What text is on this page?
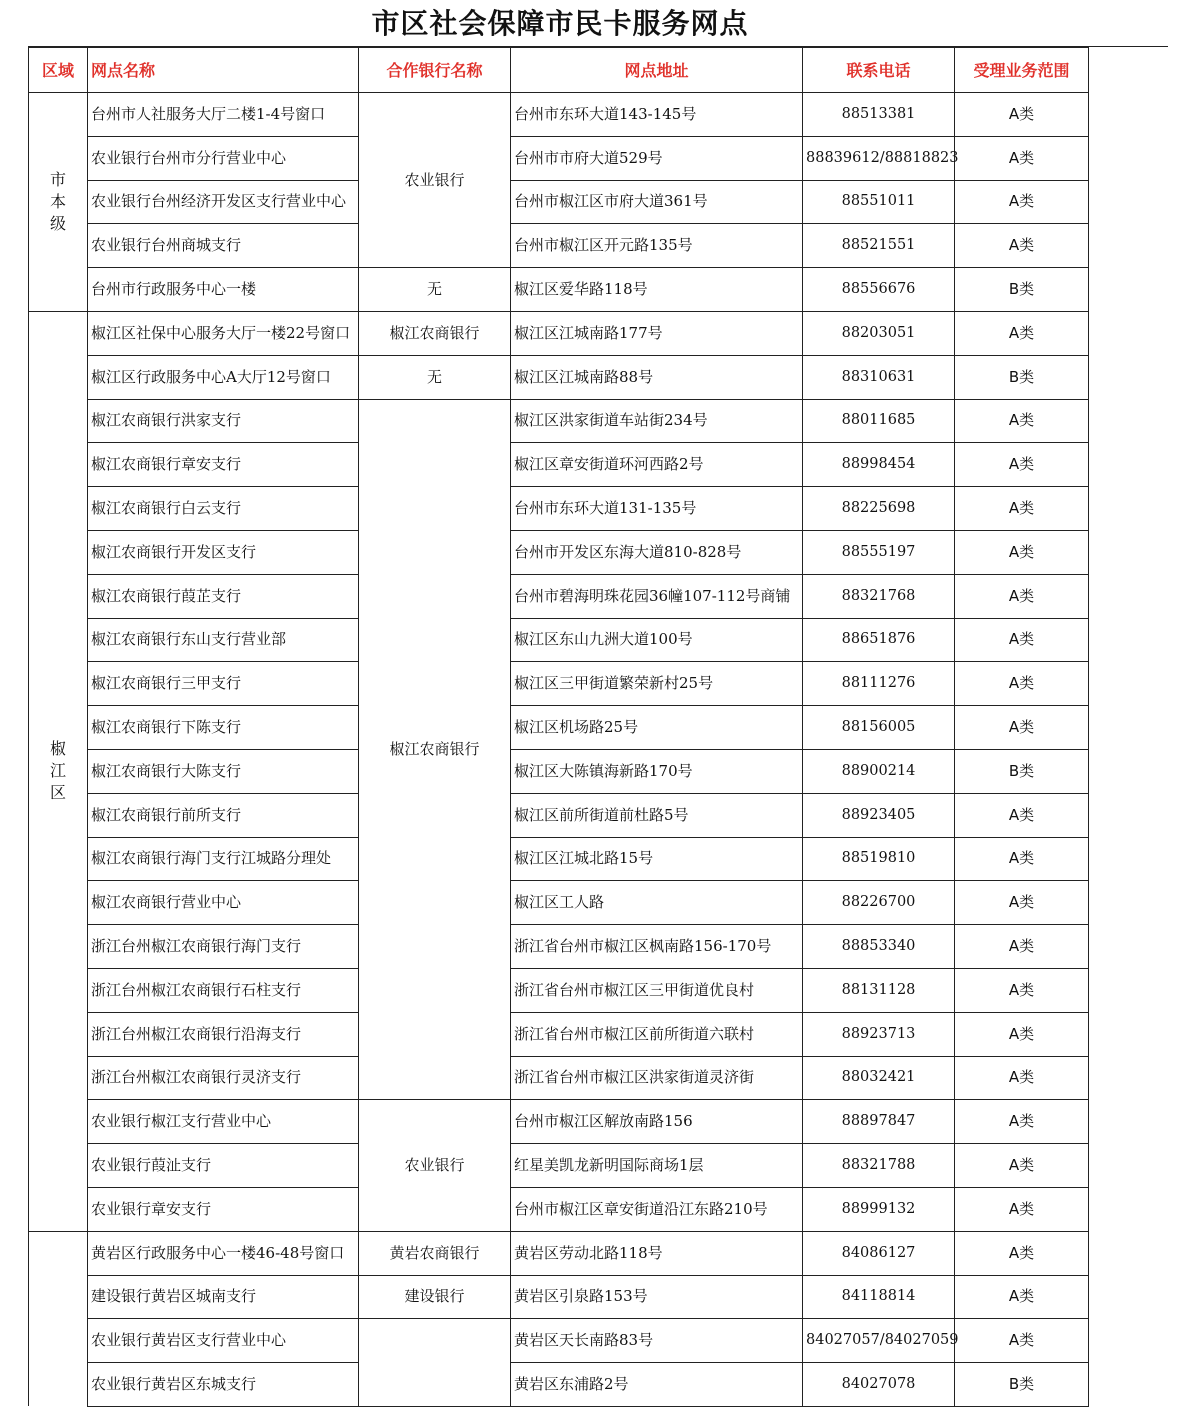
市区社会保障市民卡服务网点
区域	网点名称	合作银行名称	网点地址	联系电话	受理业务范围

市本级	台州市人社服务大厅二楼1-4号窗口	农业银行	台州市东环大道143-145号	88513381	A类
	农业银行台州市分行营业中心		台州市市府大道529号	88839612/88818823	A类
	农业银行台州经济开发区支行营业中心		台州市椒江区市府大道361号	88551011	A类
	农业银行台州商城支行		台州市椒江区开元路135号	88521551	A类
	台州市行政服务中心一楼	无	椒江区爱华路118号	88556676	B类

椒江区	椒江区社保中心服务大厅一楼22号窗口	椒江农商银行	椒江区江城南路177号	88203051	A类
	椒江区行政服务中心A大厅12号窗口	无	椒江区江城南路88号	88310631	B类
	椒江农商银行洪家支行	椒江农商银行	椒江区洪家街道车站街234号	88011685	A类
	椒江农商银行章安支行		椒江区章安街道环河西路2号	88998454	A类
	椒江农商银行白云支行		台州市东环大道131-135号	88225698	A类
	椒江农商银行开发区支行		台州市开发区东海大道810-828号	88555197	A类
	椒江农商银行葭芷支行		台州市碧海明珠花园36幢107-112号商铺	88321768	A类
	椒江农商银行东山支行营业部		椒江区东山九洲大道100号	88651876	A类
	椒江农商银行三甲支行		椒江区三甲街道繁荣新村25号	88111276	A类
	椒江农商银行下陈支行		椒江区机场路25号	88156005	A类
	椒江农商银行大陈支行		椒江区大陈镇海新路170号	88900214	B类
	椒江农商银行前所支行		椒江区前所街道前杜路5号	88923405	A类
	椒江农商银行海门支行江城路分理处		椒江区江城北路15号	88519810	A类
	椒江农商银行营业中心		椒江区工人路	88226700	A类
	浙江台州椒江农商银行海门支行		浙江省台州市椒江区枫南路156-170号	88853340	A类
	浙江台州椒江农商银行石柱支行		浙江省台州市椒江区三甲街道优良村	88131128	A类
	浙江台州椒江农商银行沿海支行		浙江省台州市椒江区前所街道六联村	88923713	A类
	浙江台州椒江农商银行灵济支行		浙江省台州市椒江区洪家街道灵济街	88032421	A类
	农业银行椒江支行营业中心	农业银行	台州市椒江区解放南路156	88897847	A类
	农业银行葭沚支行		红星美凯龙新明国际商场1层	88321788	A类
	农业银行章安支行		台州市椒江区章安街道沿江东路210号	88999132	A类
	黄岩区行政服务中心一楼46-48号窗口	黄岩农商银行	黄岩区劳动北路118号	84086127	A类
	建设银行黄岩区城南支行	建设银行	黄岩区引泉路153号	84118814	A类
	农业银行黄岩区支行营业中心		黄岩区天长南路83号	84027057/84027059	A类
	农业银行黄岩区东城支行		黄岩区东浦路2号	84027078	B类
